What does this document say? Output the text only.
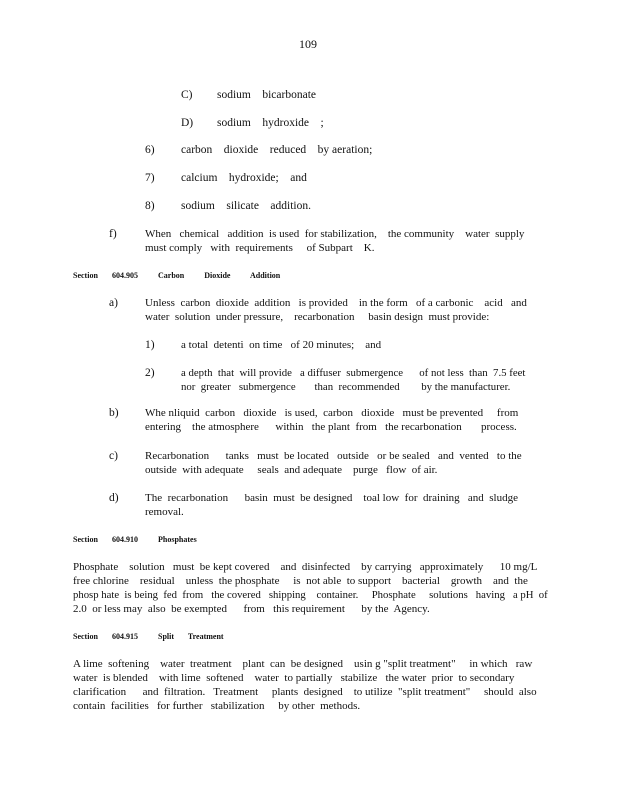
109
C) sodium    bicarbonate
D) sodium    hydroxide    ;
6) carbon    dioxide    reduced    by aeration;
7) calcium    hydroxide;    and
8) sodium    silicate    addition.
f)	When   chemical   addition  is used  for stabilization,    the community    water  supply
must comply   with  requirements     of Subpart    K.
Section 604.905	Carbon          Dioxide          Addition
a) Unless  carbon  dioxide  addition   is provided    in the form   of a carbonic    acid   and
water  solution  under pressure,    recarbonation     basin design  must provide:
1) a total  detenti  on time   of 20 minutes;    and
2) a depth  that  will provide   a diffuser  submergence      of not less  than  7.5 feet
nor  greater   submergence       than  recommended        by the manufacturer.
b) Whe nliquid  carbon   dioxide   is used,  carbon   dioxide   must be prevented     from
entering    the atmosphere      within   the plant  from   the recarbonation       process.
c) Recarbonation      tanks   must  be located   outside   or be sealed   and  vented   to the
outside  with adequate     seals  and adequate    purge   flow  of air.
d) The  recarbonation      basin  must  be designed    toal low  for  draining   and  sludge
removal.
Section 604.910	Phosphates
Phosphate    solution   must  be kept covered    and  disinfected    by carrying   approximately      10 mg/L
free chlorine    residual    unless  the phosphate     is  not able  to support    bacterial    growth    and  the
phosp hate  is being  fed  from   the covered   shipping    container.     Phosphate     solutions   having   a pH  of
2.0  or less may  also  be exempted      from   this requirement      by the  Agency.
Section 604.915	Split       Treatment
A lime  softening    water  treatment    plant  can  be designed    usin g "split treatment"     in which   raw
water  is blended    with lime  softened    water  to partially   stabilize   the water  prior  to secondary
clarification      and  filtration.   Treatment     plants  designed    to utilize  "split treatment"     should  also
contain  facilities   for further   stabilization     by other  methods.
